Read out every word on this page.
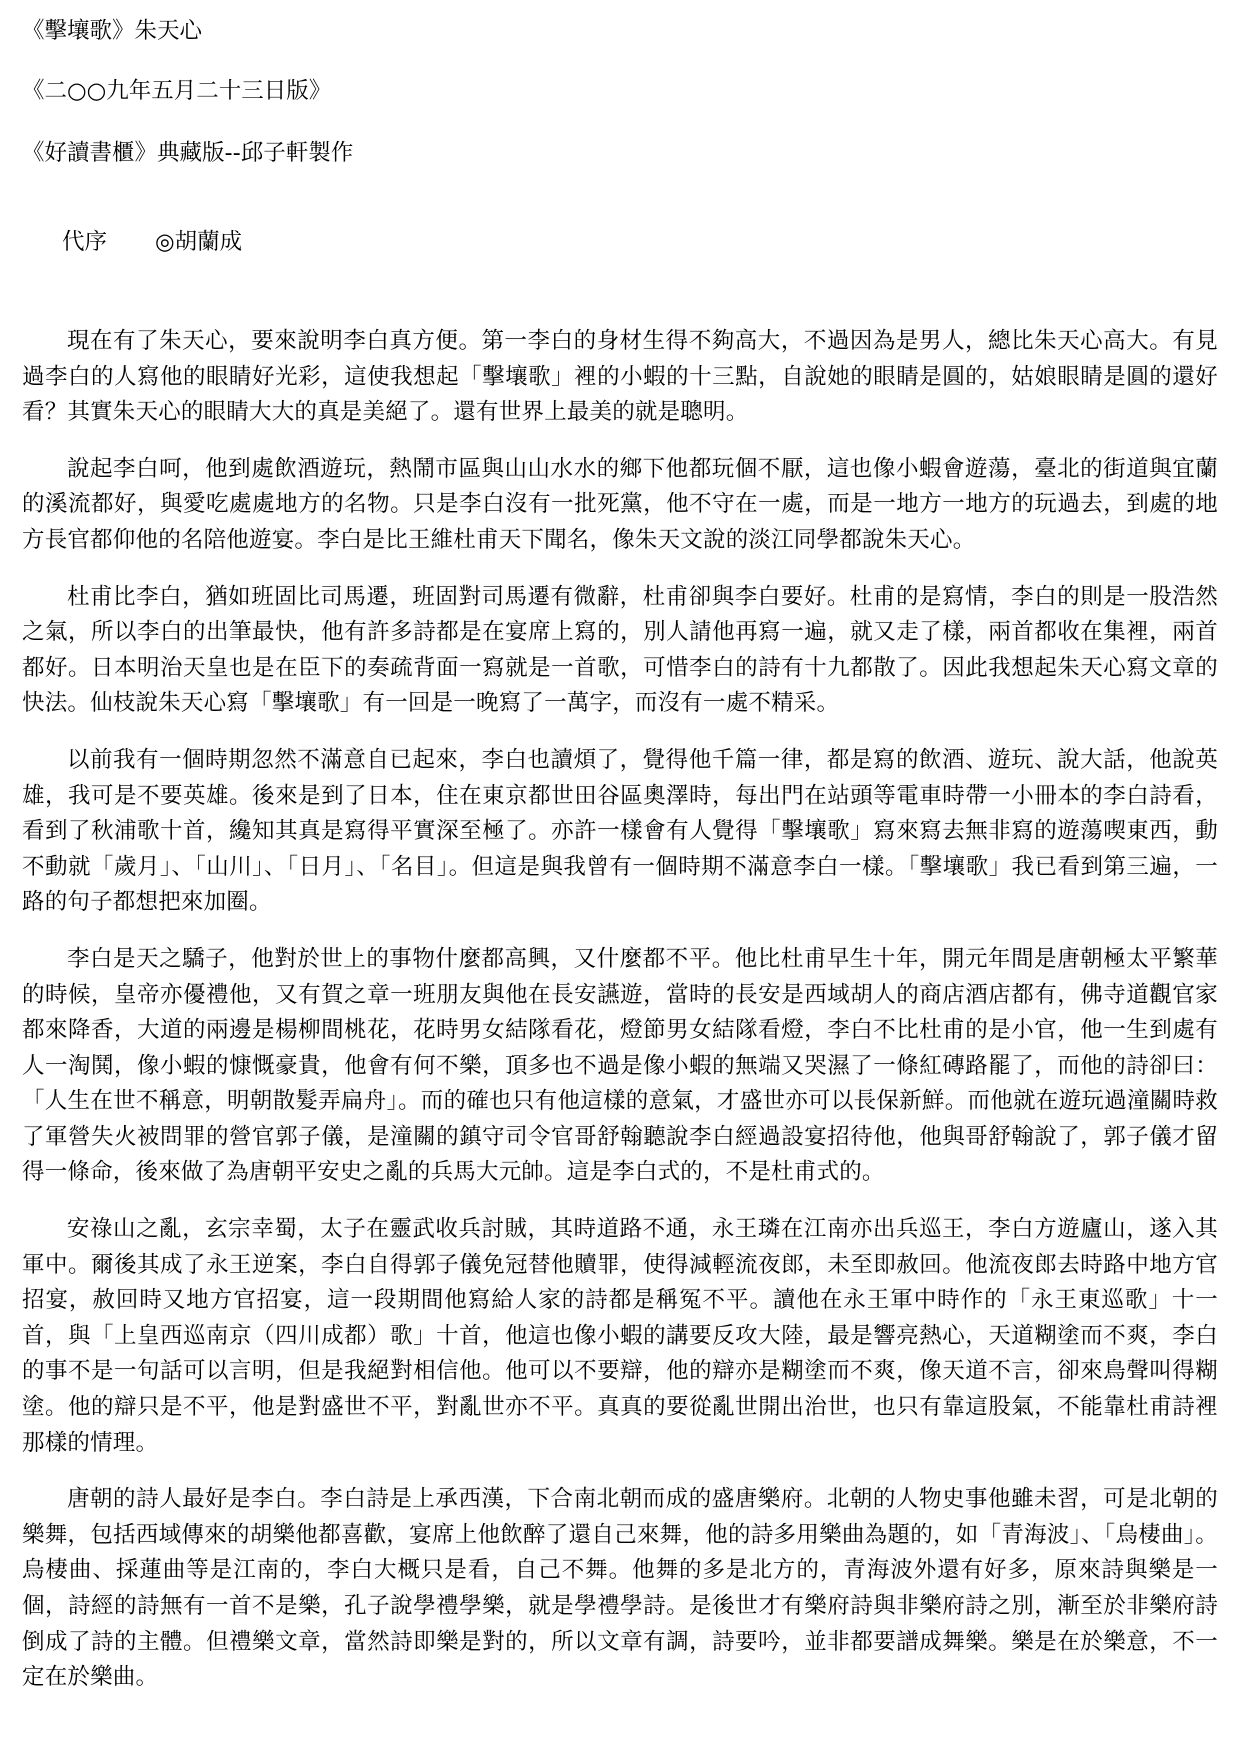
《擊壤歌》朱天心
《二○○九年五月二十三日版》
《好讀書櫃》典藏版--邱子軒製作
代序 ◎胡蘭成

現在有了朱天心，要來說明李白真方便。第一李白的身材生得不夠高大，不過因為是男人，總比朱天心高大。有見過李白的人寫他的眼睛好光彩，這使我想起「擊壤歌」裡的小蝦的十三點，自說她的眼睛是圓的，姑娘眼睛是圓的還好看？其實朱天心的眼睛大大的真是美絕了。還有世界上最美的就是聰明。

說起李白呵，他到處飲酒遊玩，熱鬧市區與山山水水的鄉下他都玩個不厭，這也像小蝦會遊蕩，臺北的街道與宜蘭的溪流都好，與愛吃處處地方的名物。只是李白沒有一批死黨，他不守在一處，而是一地方一地方的玩過去，到處的地方長官都仰他的名陪他遊宴。李白是比王維杜甫天下聞名，像朱天文說的淡江同學都說朱天心。

杜甫比李白，猶如班固比司馬遷，班固對司馬遷有微辭，杜甫卻與李白要好。杜甫的是寫情，李白的則是一股浩然之氣，所以李白的出筆最快，他有許多詩都是在宴席上寫的，別人請他再寫一遍，就又走了樣，兩首都收在集裡，兩首都好。日本明治天皇也是在臣下的奏疏背面一寫就是一首歌，可惜李白的詩有十九都散了。因此我想起朱天心寫文章的快法。仙枝說朱天心寫「擊壤歌」有一回是一晚寫了一萬字，而沒有一處不精采。

以前我有一個時期忽然不滿意自已起來，李白也讀煩了，覺得他千篇一律，都是寫的飲酒、遊玩、說大話，他說英雄，我可是不要英雄。後來是到了日本，住在東京都世田谷區奧澤時，每出門在站頭等電車時帶一小冊本的李白詩看，看到了秋浦歌十首，纔知其真是寫得平實深至極了。亦許一樣會有人覺得「擊壤歌」寫來寫去無非寫的遊蕩喫東西，動不動就「歲月」、「山川」、「日月」、「名目」。但這是與我曾有一個時期不滿意李白一樣。「擊壤歌」我已看到第三遍，一路的句子都想把來加圈。

李白是天之驕子，他對於世上的事物什麼都高興，又什麼都不平。他比杜甫早生十年，開元年間是唐朝極太平繁華的時候，皇帝亦優禮他，又有賀之章一班朋友與他在長安讌遊，當時的長安是西域胡人的商店酒店都有，佛寺道觀官家都來降香，大道的兩邊是楊柳間桃花，花時男女結隊看花，燈節男女結隊看燈，李白不比杜甫的是小官，他一生到處有人一淘鬨，像小蝦的慷慨豪貴，他會有何不樂，頂多也不過是像小蝦的無端又哭濕了一條紅磚路罷了，而他的詩卻曰：「人生在世不稱意，明朝散髮弄扁舟」。而的確也只有他這樣的意氣，才盛世亦可以長保新鮮。而他就在遊玩過潼關時救了軍營失火被問罪的營官郭子儀，是潼關的鎮守司令官哥舒翰聽說李白經過設宴招待他，他與哥舒翰說了，郭子儀才留得一條命，後來做了為唐朝平安史之亂的兵馬大元帥。這是李白式的，不是杜甫式的。

安祿山之亂，玄宗幸蜀，太子在靈武收兵討賊，其時道路不通，永王璘在江南亦出兵巡王，李白方遊廬山，遂入其軍中。爾後其成了永王逆案，李白自得郭子儀免冠替他贖罪，使得減輕流夜郎，未至即赦回。他流夜郎去時路中地方官招宴，赦回時又地方官招宴，這一段期間他寫給人家的詩都是稱冤不平。讀他在永王軍中時作的「永王東巡歌」十一首，與「上皇西巡南京（四川成都）歌」十首，他這也像小蝦的講要反攻大陸，最是響亮熱心，天道糊塗而不爽，李白的事不是一句話可以言明，但是我絕對相信他。他可以不要辯，他的辯亦是糊塗而不爽，像天道不言，卻來鳥聲叫得糊塗。他的辯只是不平，他是對盛世不平，對亂世亦不平。真真的要從亂世開出治世，也只有靠這股氣，不能靠杜甫詩裡那樣的情理。

唐朝的詩人最好是李白。李白詩是上承西漢，下合南北朝而成的盛唐樂府。北朝的人物史事他雖未習，可是北朝的樂舞，包括西域傳來的胡樂他都喜歡，宴席上他飲醉了還自己來舞，他的詩多用樂曲為題的，如「青海波」、「烏棲曲」。烏棲曲、採蓮曲等是江南的，李白大概只是看，自己不舞。他舞的多是北方的，青海波外還有好多，原來詩與樂是一個，詩經的詩無有一首不是樂，孔子說學禮學樂，就是學禮學詩。是後世才有樂府詩與非樂府詩之別，漸至於非樂府詩倒成了詩的主體。但禮樂文章，當然詩即樂是對的，所以文章有調，詩要吟，並非都要譜成舞樂。樂是在於樂意，不一定在於樂曲。
